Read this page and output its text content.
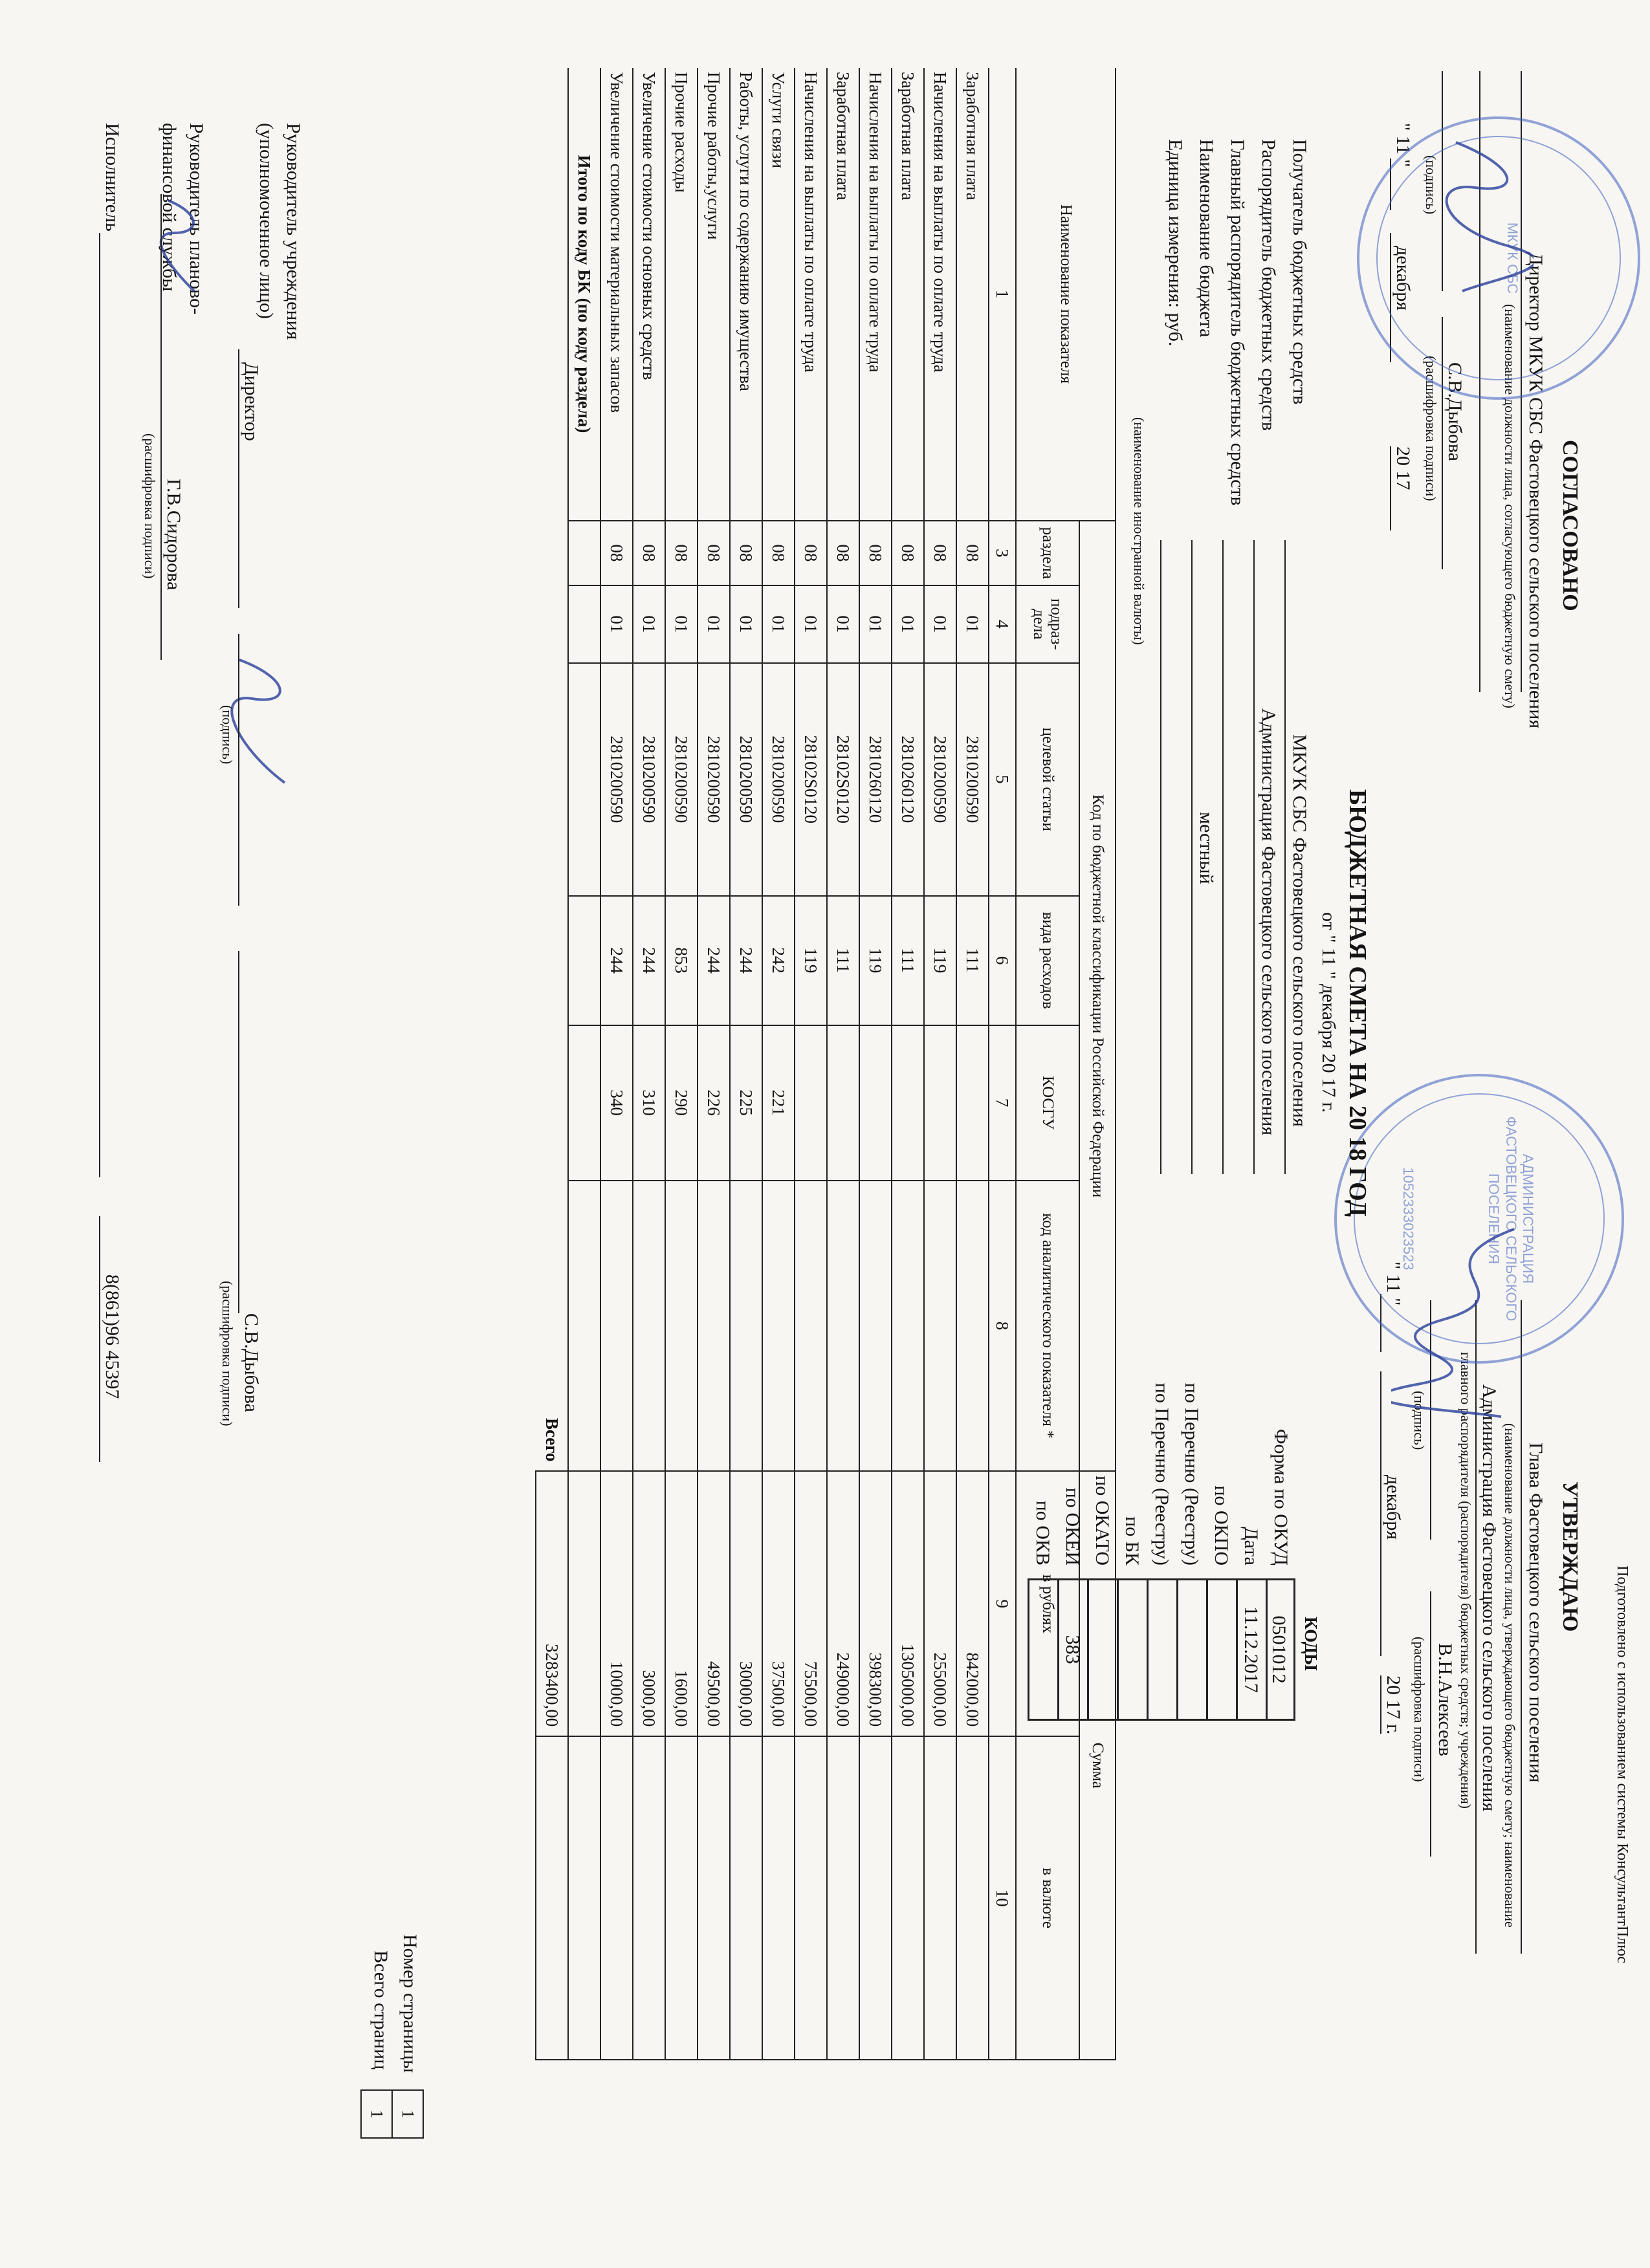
Подготовлено с использованием системы КонсультантПлюс
СОГЛАСОВАНО
Директор МКУК СБС Фастовецкого сельского поселения
(наименование должности лица, согласующего бюджетную смету)
С.В.Дыбова
(подпись)
(расшифровка подписи)
" 11 "
декабря
20 17
МКУК СБС
УТВЕРЖДАЮ
Глава Фастовецкого сельского поселения
(наименование должности лица, утверждающего бюджетную смету; наименование
Администрация Фастовецкого сельского поселения
главного распорядителя (распорядителя) бюджетных средств; учреждения)
В.Н.Алексеев
(подпись)
(расшифровка подписи)
" 11 "
декабря
20 17 г.
АДМИНИСТРАЦИЯ ФАСТОВЕЦКОГО СЕЛЬСКОГО ПОСЕЛЕНИЯ
1052333023523
БЮДЖЕТНАЯ СМЕТА НА 20 18 ГОД
от " 11 " декабря 20 17 г.
Получатель бюджетных средств
МКУК СБС Фастовецкого сельского поселения
Распорядитель бюджетных средств
Администрация Фастовецкого сельского поселения
Главный распорядитель бюджетных средств
Наименование бюджета
местный
Единица измерения: руб.
(наименование иностранной валюты)
КОДЫ
Форма по ОКУД
0501012
Дата
11.12.2017
по ОКПО
по Перечню (Реестру)
по Перечню (Реестру)
по БК
по ОКАТО
по ОКЕИ
383
по ОКВ
Наименование показателя	Код по бюджетной классификации Российской Федерации						Сумма	
	раздела	подраз- дела	целевой статьи	вида расходов	КОСГУ	код аналитического показателя *	в рублях	в валюте
1	3	4	5	6	7	8	9	10
Заработная плата	08	01	2810200590	111			842000,00	
Начисления на выплаты по оплате труда	08	01	2810200590	119			255000,00	
Заработная плата	08	01	2810260120	111			1305000,00	
Начисления на выплаты по оплате труда	08	01	2810260120	119			398300,00	
Заработная плата	08	01	28102S0120	111			249000,00	
Начисления на выплаты по оплате труда	08	01	28102S0120	119			75500,00	
Услуги связи	08	01	2810200590	242	221		37500,00	
Работы, услуги по содержанию имущества	08	01	2810200590	244	225		30000,00	
Прочие работы,услуги	08	01	2810200590	244	226		49500,00	
Прочие расходы	08	01	2810200590	853	290		1600,00	
Увеличение стоимости основных средств	08	01	2810200590	244	310		3000,00	
Увеличение стоимости материальных запасов	08	01	2810200590	244	340		10000,00	
Итого по коду БК (по коду раздела)								
Всего							3283400,00	
Номер страницы
Всего страниц
1
1
Руководитель учреждения
(уполномоченное лицо)
Директор
С.В.Дыбова
(подпись)
(расшифровка подписи)
Руководитель планово-
финансовой службы
Г.В.Сидорова
(расшифровка подписи)
Исполнитель
8(861)96 45397
